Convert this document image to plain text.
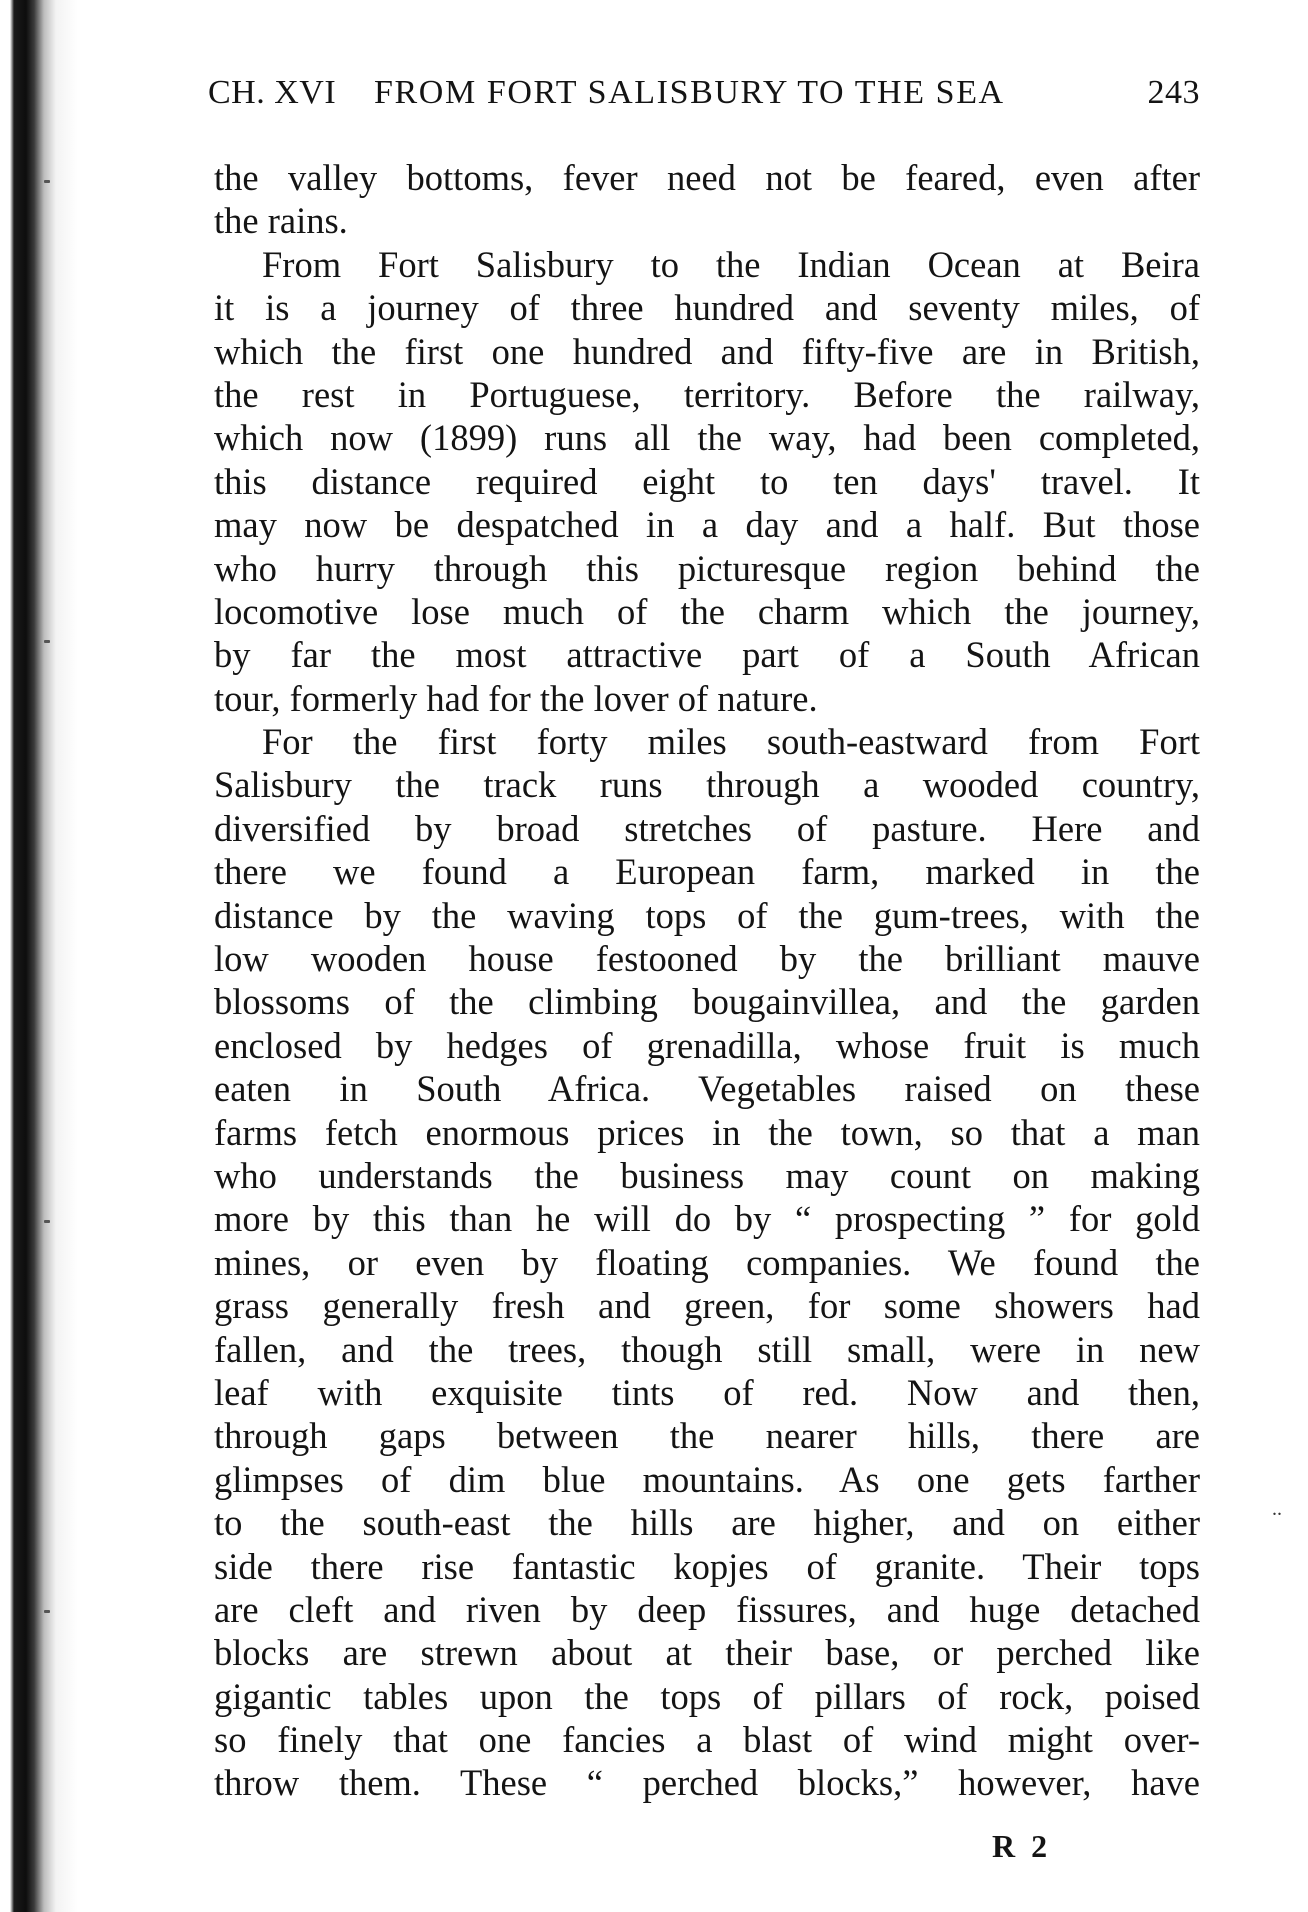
CH. XVI FROM FORT SALISBURY TO THE SEA	243
the valley bottoms, fever need not be feared, even after
the rains.
From Fort Salisbury to the Indian Ocean at Beira
it is a journey of three hundred and seventy miles, of
which the first one hundred and fifty-five are in British,
the rest in Portuguese, territory. Before the railway,
which now (1899) runs all the way, had been completed,
this distance required eight to ten days' travel. It
may now be despatched in a day and a half. But those
who hurry through this picturesque region behind the
locomotive lose much of the charm which the journey,
by far the most attractive part of a South African
tour, formerly had for the lover of nature.
For the first forty miles south-eastward from Fort
Salisbury the track runs through a wooded country,
diversified by broad stretches of pasture. Here and
there we found a European farm, marked in the
distance by the waving tops of the gum-trees, with the
low wooden house festooned by the brilliant mauve
blossoms of the climbing bougainvillea, and the garden
enclosed by hedges of grenadilla, whose fruit is much
eaten in South Africa. Vegetables raised on these
farms fetch enormous prices in the town, so that a man
who understands the business may count on making
more by this than he will do by “ prospecting ” for gold
mines, or even by floating companies. We found the
grass generally fresh and green, for some showers had
fallen, and the trees, though still small, were in new
leaf with exquisite tints of red. Now and then,
through gaps between the nearer hills, there are
glimpses of dim blue mountains. As one gets farther
to the south-east the hills are higher, and on either
side there rise fantastic kopjes of granite. Their tops
are cleft and riven by deep fissures, and huge detached
blocks are strewn about at their base, or perched like
gigantic tables upon the tops of pillars of rock, poised
so finely that one fancies a blast of wind might over-
throw them. These “ perched blocks,” however, have
R 2
..
